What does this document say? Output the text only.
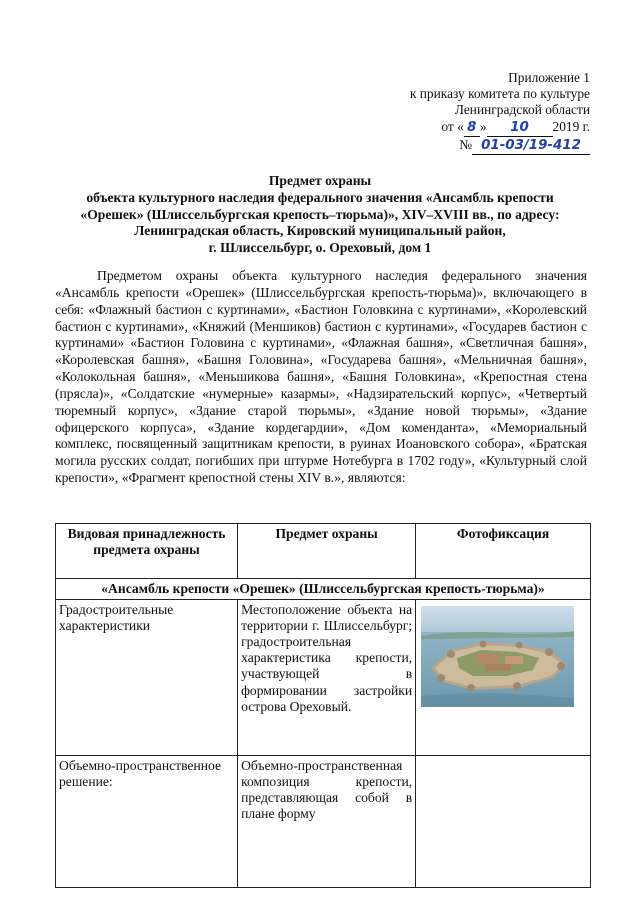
Приложение 1
к приказу комитета по культуре
Ленинградской области
от « 8 » 10 2019 г.
№ 01-03/19-412
Предмет охраны
объекта культурного наследия федерального значения «Ансамбль крепости
«Орешек» (Шлиссельбургская крепость–тюрьма)», XIV–XVIII вв., по адресу:
Ленинградская область, Кировский муниципальный район,
г. Шлиссельбург, о. Ореховый, дом 1
Предметом охраны объекта культурного наследия федерального значения «Ансамбль крепости «Орешек» (Шлиссельбургская крепость-тюрьма)», включающего в себя: «Флажный бастион с куртинами», «Бастион Головкина с куртинами», «Королевский бастион с куртинами», «Княжий (Меншиков) бастион с куртинами», «Государев бастион с куртинами» «Бастион Головина с куртинами», «Флажная башня», «Светличная башня», «Королевская башня», «Башня Головина», «Государева башня», «Мельничная башня», «Колокольная башня», «Меньшикова башня», «Башня Головкина», «Крепостная стена (прясла)», «Солдатские «нумерные» казармы», «Надзирательский корпус», «Четвертый тюремный корпус», «Здание старой тюрьмы», «Здание новой тюрьмы», «Здание офицерского корпуса», «Здание кордегардии», «Дом коменданта», «Мемориальный комплекс, посвященный защитникам крепости, в руинах Иоановского собора», «Братская могила русских солдат, погибших при штурме Нотебурга в 1702 году», «Культурный слой крепости», «Фрагмент крепостной стены XIV в.», являются:
Видовая принадлежность предмета охраны	Предмет охраны	Фотофиксация
«Ансамбль крепости «Орешек» (Шлиссельбургская крепость-тюрьма)»		
Градостроительные характеристики	Местоположение объекта на территории г. Шлиссельбург; градостроительная характеристика крепости, участвующей в формировании застройки острова Ореховый.	

Объемно-пространственное решение:	Объемно-пространственная композиция крепости, представляющая собой в плане форму	
